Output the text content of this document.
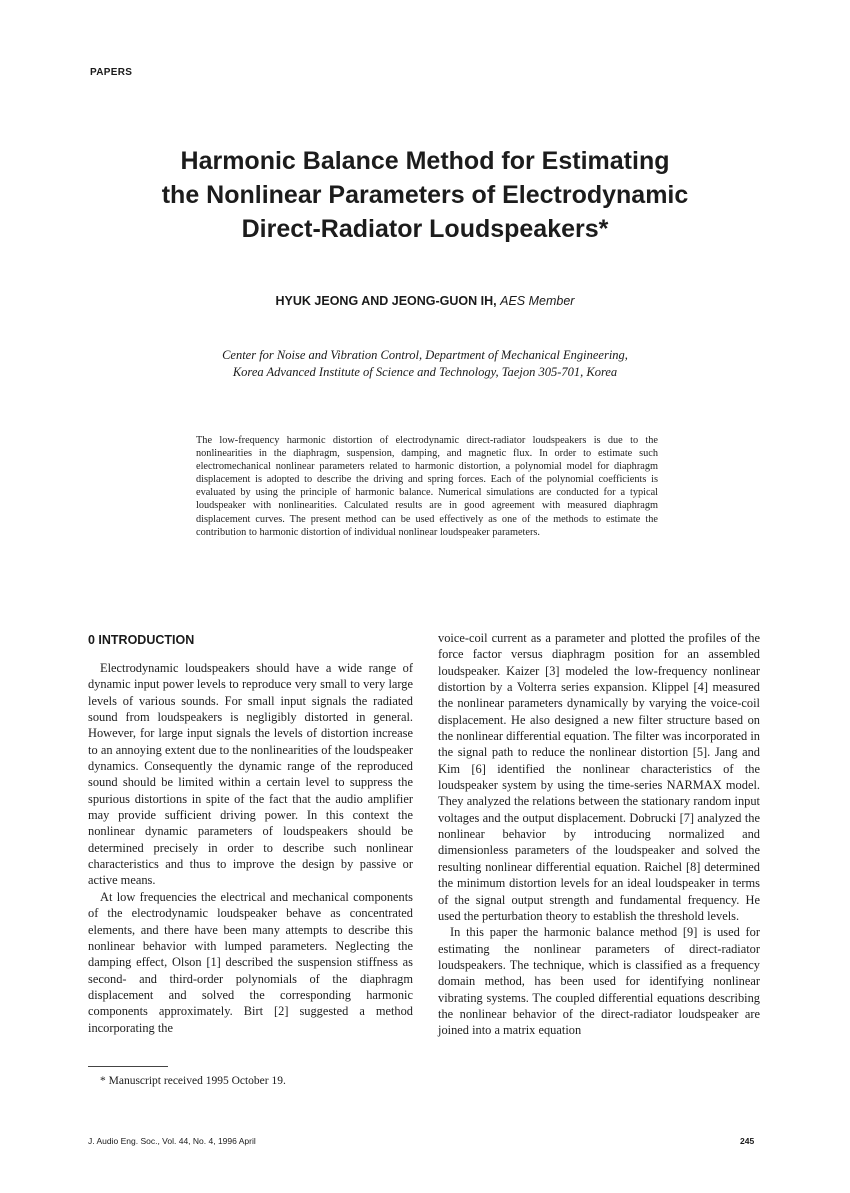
PAPERS
Harmonic Balance Method for Estimating
the Nonlinear Parameters of Electrodynamic
Direct-Radiator Loudspeakers*
HYUK JEONG AND JEONG-GUON IH, AES Member
Center for Noise and Vibration Control, Department of Mechanical Engineering,
Korea Advanced Institute of Science and Technology, Taejon 305-701, Korea
The low-frequency harmonic distortion of electrodynamic direct-radiator loudspeakers is due to the nonlinearities in the diaphragm, suspension, damping, and magnetic flux. In order to estimate such electromechanical nonlinear parameters related to harmonic distortion, a polynomial model for diaphragm displacement is adopted to describe the driving and spring forces. Each of the polynomial coefficients is evaluated by using the principle of harmonic balance. Numerical simulations are conducted for a typical loudspeaker with nonlinearities. Calculated results are in good agreement with measured diaphragm displacement curves. The present method can be used effectively as one of the methods to estimate the contribution to harmonic distortion of individual nonlinear loudspeaker parameters.
0 INTRODUCTION

Electrodynamic loudspeakers should have a wide range of dynamic input power levels to reproduce very small to very large levels of various sounds. For small input signals the radiated sound from loudspeakers is negligibly distorted in general. However, for large input signals the levels of distortion increase to an annoying extent due to the nonlinearities of the loudspeaker dynamics. Consequently the dynamic range of the reproduced sound should be limited within a certain level to suppress the spurious distortions in spite of the fact that the audio amplifier may provide sufficient driving power. In this context the nonlinear dynamic parameters of loudspeakers should be determined precisely in order to describe such nonlinear characteristics and thus to improve the design by passive or active means.

At low frequencies the electrical and mechanical components of the electrodynamic loudspeaker behave as concentrated elements, and there have been many attempts to describe this nonlinear behavior with lumped parameters. Neglecting the damping effect, Olson [1] described the suspension stiffness as second- and third-order polynomials of the diaphragm displacement and solved the corresponding harmonic components approximately. Birt [2] suggested a method incorporating the

voice-coil current as a parameter and plotted the profiles of the force factor versus diaphragm position for an assembled loudspeaker. Kaizer [3] modeled the low-frequency nonlinear distortion by a Volterra series expansion. Klippel [4] measured the nonlinear parameters dynamically by varying the voice-coil displacement. He also designed a new filter structure based on the nonlinear differential equation. The filter was incorporated in the signal path to reduce the nonlinear distortion [5]. Jang and Kim [6] identified the nonlinear characteristics of the loudspeaker system by using the time-series NARMAX model. They analyzed the relations between the stationary random input voltages and the output displacement. Dobrucki [7] analyzed the nonlinear behavior by introducing normalized and dimensionless parameters of the loudspeaker and solved the resulting nonlinear differential equation. Raichel [8] determined the minimum distortion levels for an ideal loudspeaker in terms of the signal output strength and fundamental frequency. He used the perturbation theory to establish the threshold levels.

In this paper the harmonic balance method [9] is used for estimating the nonlinear parameters of direct-radiator loudspeakers. The technique, which is classified as a frequency domain method, has been used for identifying nonlinear vibrating systems. The coupled differential equations describing the nonlinear behavior of the direct-radiator loudspeaker are joined into a matrix equation

* Manuscript received 1995 October 19.
J. Audio Eng. Soc., Vol. 44, No. 4, 1996 April	245
